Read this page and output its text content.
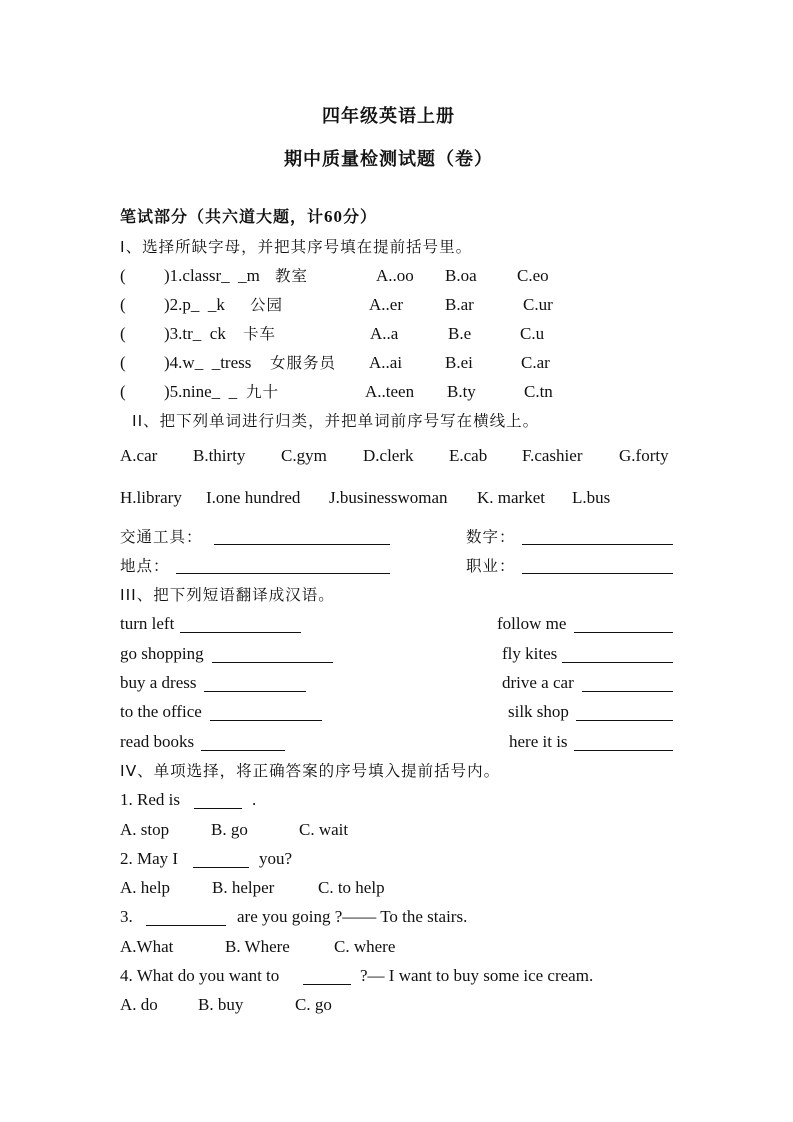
四年级英语上册
期中质量检测试题（卷）
笔试部分（共六道大题，计60分）
I、选择所缺字母，并把其序号填在提前括号里。
( )1.classr_  _m 教室	A..oo B.oa C.eo
( )2.p_  _k 公园	A..er B.ar	C.ur
( )3.tr_  ck 卡车	A..a	B.e	C.u
( )4.w_  _tress 女服务员 A..ai	B.ei	C.ar
( )5.nine_  _ 九十	A..teen B.ty	C.tn
II、把下列单词进行归类，并把单词前序号写在横线上。
A.car B.thirty C.gym D.clerk E.cab F.cashier G.forty
H.library I.one hundred J.businesswoman K. market L.bus
交通工具：	数字：
地点：	职业：
III、把下列短语翻译成汉语。
turn left	follow me
go shopping	fly kites
buy a dress	drive a car
to the office	silk shop
read books	here it is
IV、单项选择，将正确答案的序号填入提前括号内。
1. Red is	.
A. stop B. go	C. wait
2. May I	you?
A. help B. helper	C. to help
3.	are you going ?—— To the stairs.
A.What	B. Where	C. where
4. What do you want to	?— I want to buy some ice cream.
A. do B. buy	C. go
